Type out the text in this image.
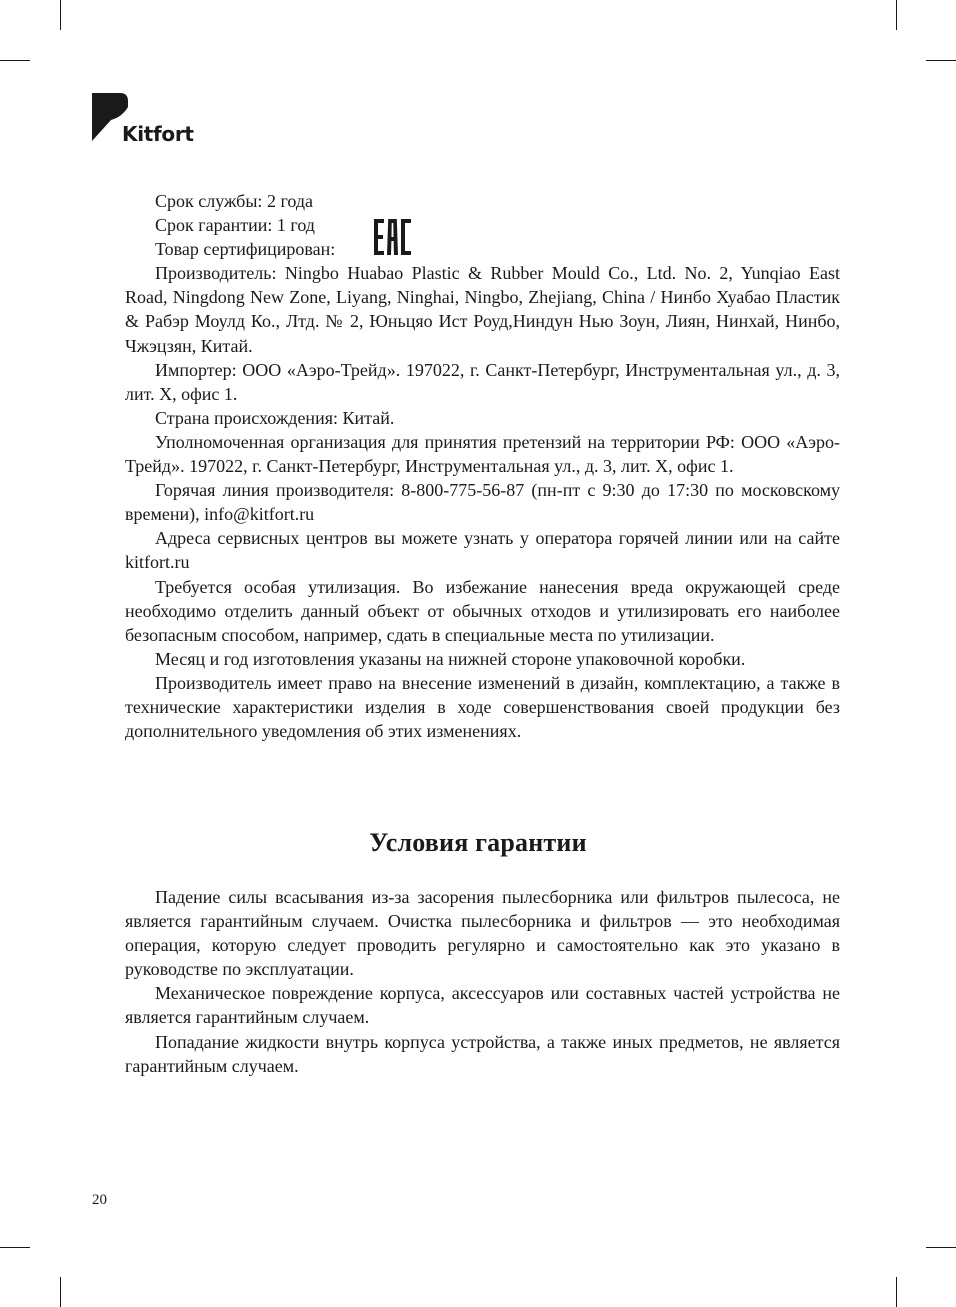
Kitfort

Срок службы: 2 года

Срок гарантии: 1 год

Товар сертифицирован:

Производитель: Ningbo Huabao Plastic & Rubber Mould Co., Ltd. No. 2, Yunqiao East Road, Ningdong New Zone, Liyang, Ninghai, Ningbo, Zhejiang, China / Нинбо Хуабао Пластик & Рабэр Моулд Ко., Лтд. № 2, Юньцяо Ист Роуд,Ниндун Нью Зоун, Лиян, Нинхай, Нинбо, Чжэцзян, Китай.

Импортер: ООО «Аэро-Трейд». 197022, г. Санкт-Петербург, Инструментальная ул., д. 3, лит. Х, офис 1.

Страна происхождения: Китай.

Уполномоченная организация для принятия претензий на территории РФ: ООО «Аэро-Трейд». 197022, г. Санкт-Петербург, Инструментальная ул., д. 3, лит. Х, офис 1.

Горячая линия производителя: 8-800-775-56-87 (пн-пт с 9:30 до 17:30 по московскому времени), info@kitfort.ru

Адреса сервисных центров вы можете узнать у оператора горячей линии или на сайте kitfort.ru

Требуется особая утилизация. Во избежание нанесения вреда окружающей среде необходимо отделить данный объект от обычных отходов и утилизировать его наиболее безопасным способом, например, сдать в специальные места по утилизации.

Месяц и год изготовления указаны на нижней стороне упаковочной коробки.

Производитель имеет право на внесение изменений в дизайн, комплектацию, а также в технические характеристики изделия в ходе совершенствования своей продукции без дополнительного уведомления об этих изменениях.

Условия гарантии

Падение силы всасывания из-за засорения пылесборника или фильтров пылесоса, не является гарантийным случаем. Очистка пылесборника и фильтров — это необходимая операция, которую следует проводить регулярно и самостоятельно как это указано в руководстве по эксплуатации.

Механическое повреждение корпуса, аксессуаров или составных частей устройства не является гарантийным случаем.

Попадание жидкости внутрь корпуса устройства, а также иных предметов, не является гарантийным случаем.

20
